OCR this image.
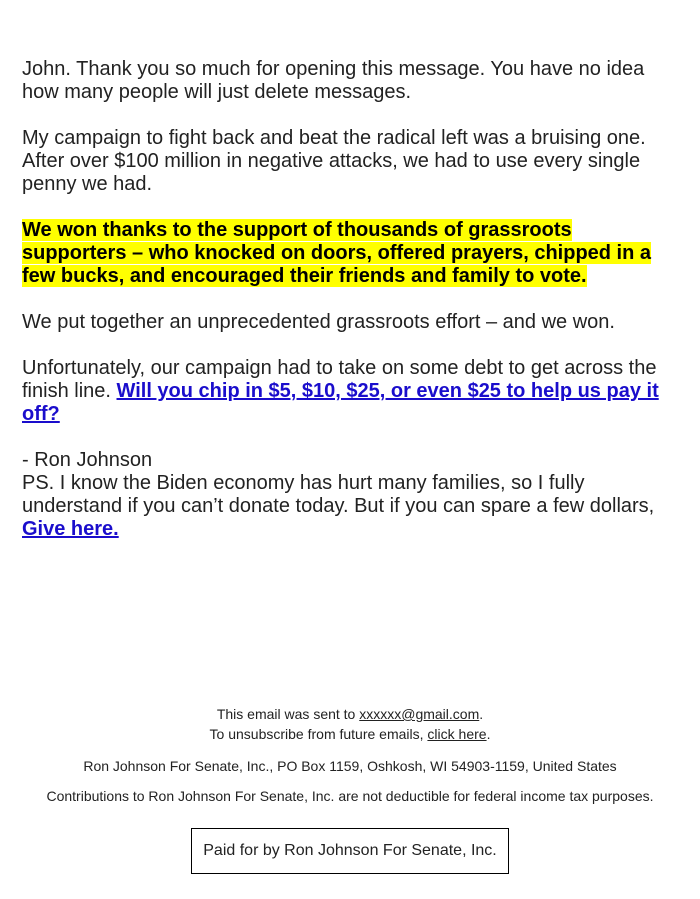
John. Thank you so much for opening this message. You have no idea how many people will just delete messages.

My campaign to fight back and beat the radical left was a bruising one. After over $100 million in negative attacks, we had to use every single penny we had.

We won thanks to the support of thousands of grassroots supporters – who knocked on doors, offered prayers, chipped in a few bucks, and encouraged their friends and family to vote.

We put together an unprecedented grassroots effort – and we won.

Unfortunately, our campaign had to take on some debt to get across the finish line. Will you chip in $5, $10, $25, or even $25 to help us pay it off?

- Ron Johnson
PS. I know the Biden economy has hurt many families, so I fully understand if you can’t donate today. But if you can spare a few dollars, Give here.

This email was sent to xxxxxx@gmail.com.

To unsubscribe from future emails, click here.

Ron Johnson For Senate, Inc., PO Box 1159, Oshkosh, WI 54903-1159, United States

Contributions to Ron Johnson For Senate, Inc. are not deductible for federal income tax purposes.

Paid for by Ron Johnson For Senate, Inc.
